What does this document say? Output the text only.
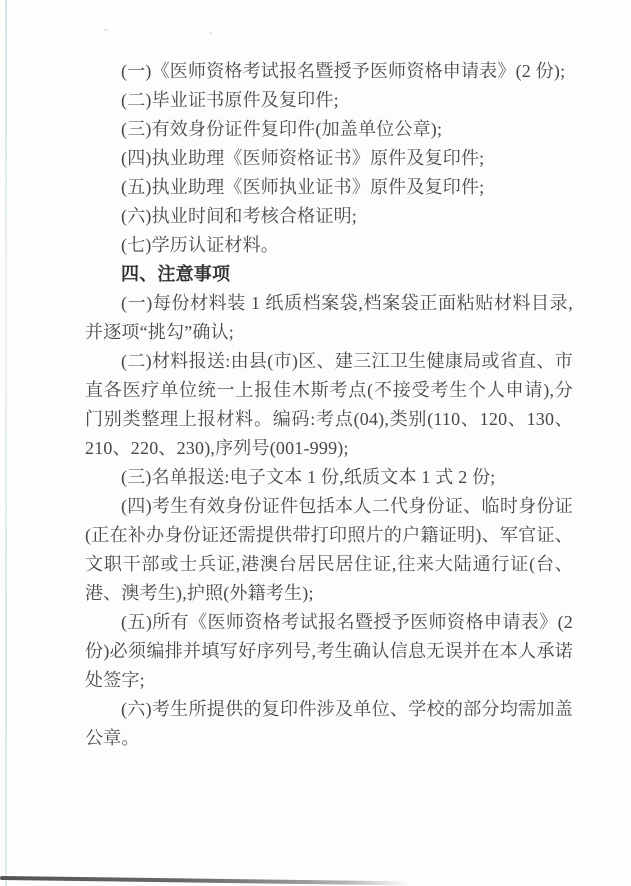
(一)《医师资格考试报名暨授予医师资格申请表》(2 份);

(二)毕业证书原件及复印件;

(三)有效身份证件复印件(加盖单位公章);

(四)执业助理《医师资格证书》原件及复印件;

(五)执业助理《医师执业证书》原件及复印件;

(六)执业时间和考核合格证明;

(七)学历认证材料。

四、注意事项

(一)每份材料装 1 纸质档案袋,档案袋正面粘贴材料目录,并逐项“挑勾”确认;

(二)材料报送:由县(市)区、建三江卫生健康局或省直、市直各医疗单位统一上报佳木斯考点(不接受考生个人申请),分门别类整理上报材料。编码:考点(04),类别(110、120、130、210、220、230),序列号(001-999);

(三)名单报送:电子文本 1 份,纸质文本 1 式 2 份;

(四)考生有效身份证件包括本人二代身份证、临时身份证(正在补办身份证还需提供带打印照片的户籍证明)、军官证、文职干部或士兵证,港澳台居民居住证,往来大陆通行证(台、港、澳考生),护照(外籍考生);

(五)所有《医师资格考试报名暨授予医师资格申请表》(2 份)必须编排并填写好序列号,考生确认信息无误并在本人承诺处签字;

(六)考生所提供的复印件涉及单位、学校的部分均需加盖公章。
